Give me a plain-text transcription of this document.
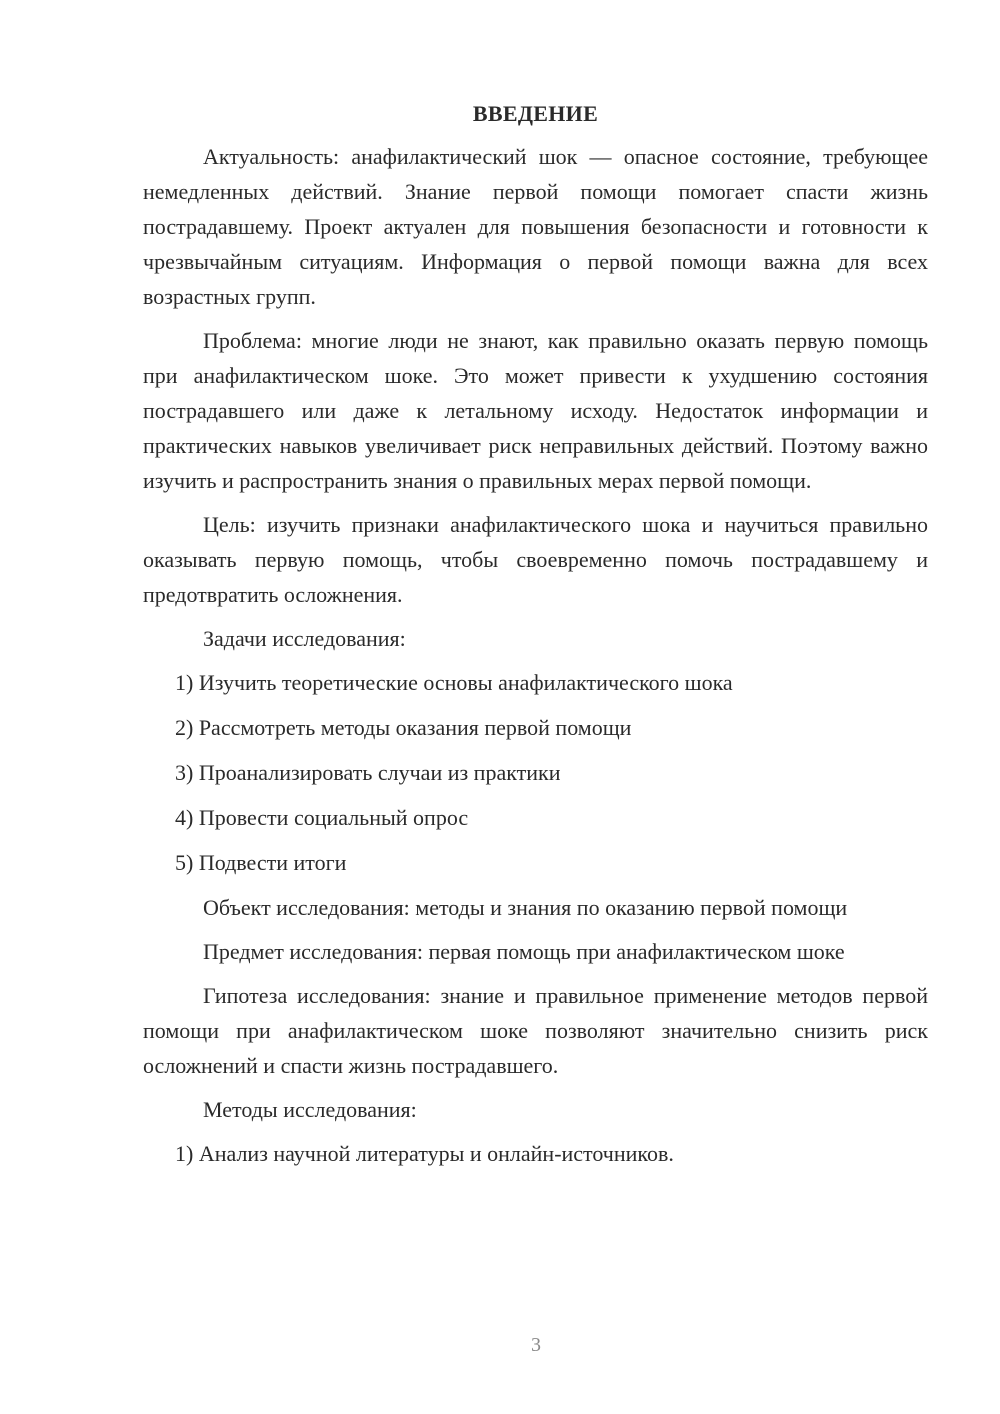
ВВЕДЕНИЕ

Актуальность: анафилактический шок — опасное состояние, требующее немедленных действий. Знание первой помощи помогает спасти жизнь пострадавшему. Проект актуален для повышения безопасности и готовности к чрезвычайным ситуациям. Информация о первой помощи важна для всех возрастных групп.

Проблема: многие люди не знают, как правильно оказать первую помощь при анафилактическом шоке. Это может привести к ухудшению состояния пострадавшего или даже к летальному исходу. Недостаток информации и практических навыков увеличивает риск неправильных действий. Поэтому важно изучить и распространить знания о правильных мерах первой помощи.

Цель: изучить признаки анафилактического шока и научиться правильно оказывать первую помощь, чтобы своевременно помочь пострадавшему и предотвратить осложнения.

Задачи исследования:

1) Изучить теоретические основы анафилактического шока
2) Рассмотреть методы оказания первой помощи
3) Проанализировать случаи из практики
4) Провести социальный опрос
5) Подвести итоги

Объект исследования: методы и знания по оказанию первой помощи

Предмет исследования: первая помощь при анафилактическом шоке

Гипотеза исследования: знание и правильное применение методов первой помощи при анафилактическом шоке позволяют значительно снизить риск осложнений и спасти жизнь пострадавшего.

Методы исследования:

1) Анализ научной литературы и онлайн-источников.
3
